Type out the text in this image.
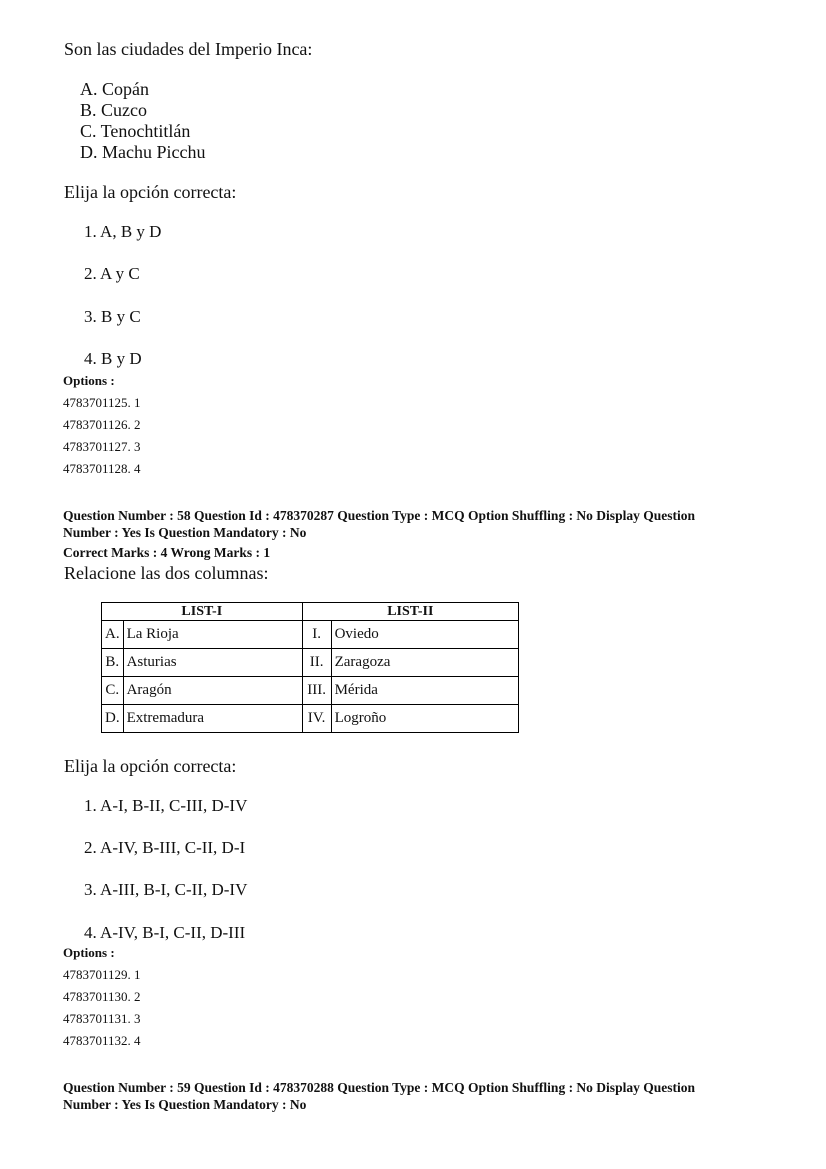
Son las ciudades del Imperio Inca:
A. Copán
B. Cuzco
C. Tenochtitlán
D. Machu Picchu
Elija la opción correcta:
1. A, B y D
2. A y C
3. B y C
4. B y D
Options :
4783701125. 1
4783701126. 2
4783701127. 3
4783701128. 4
Question Number : 58 Question Id : 478370287 Question Type : MCQ Option Shuffling : No Display Question
Number : Yes Is Question Mandatory : No
Correct Marks : 4 Wrong Marks : 1
Relacione las dos columnas:
LIST-I		LIST-II	
A.	La Rioja	I.	Oviedo
B.	Asturias	II.	Zaragoza
C.	Aragón	III.	Mérida
D.	Extremadura	IV.	Logroño
Elija la opción correcta:
1. A-I, B-II, C-III, D-IV
2. A-IV, B-III, C-II, D-I
3. A-III, B-I, C-II, D-IV
4. A-IV, B-I, C-II, D-III
Options :
4783701129. 1
4783701130. 2
4783701131. 3
4783701132. 4
Question Number : 59 Question Id : 478370288 Question Type : MCQ Option Shuffling : No Display Question
Number : Yes Is Question Mandatory : No
